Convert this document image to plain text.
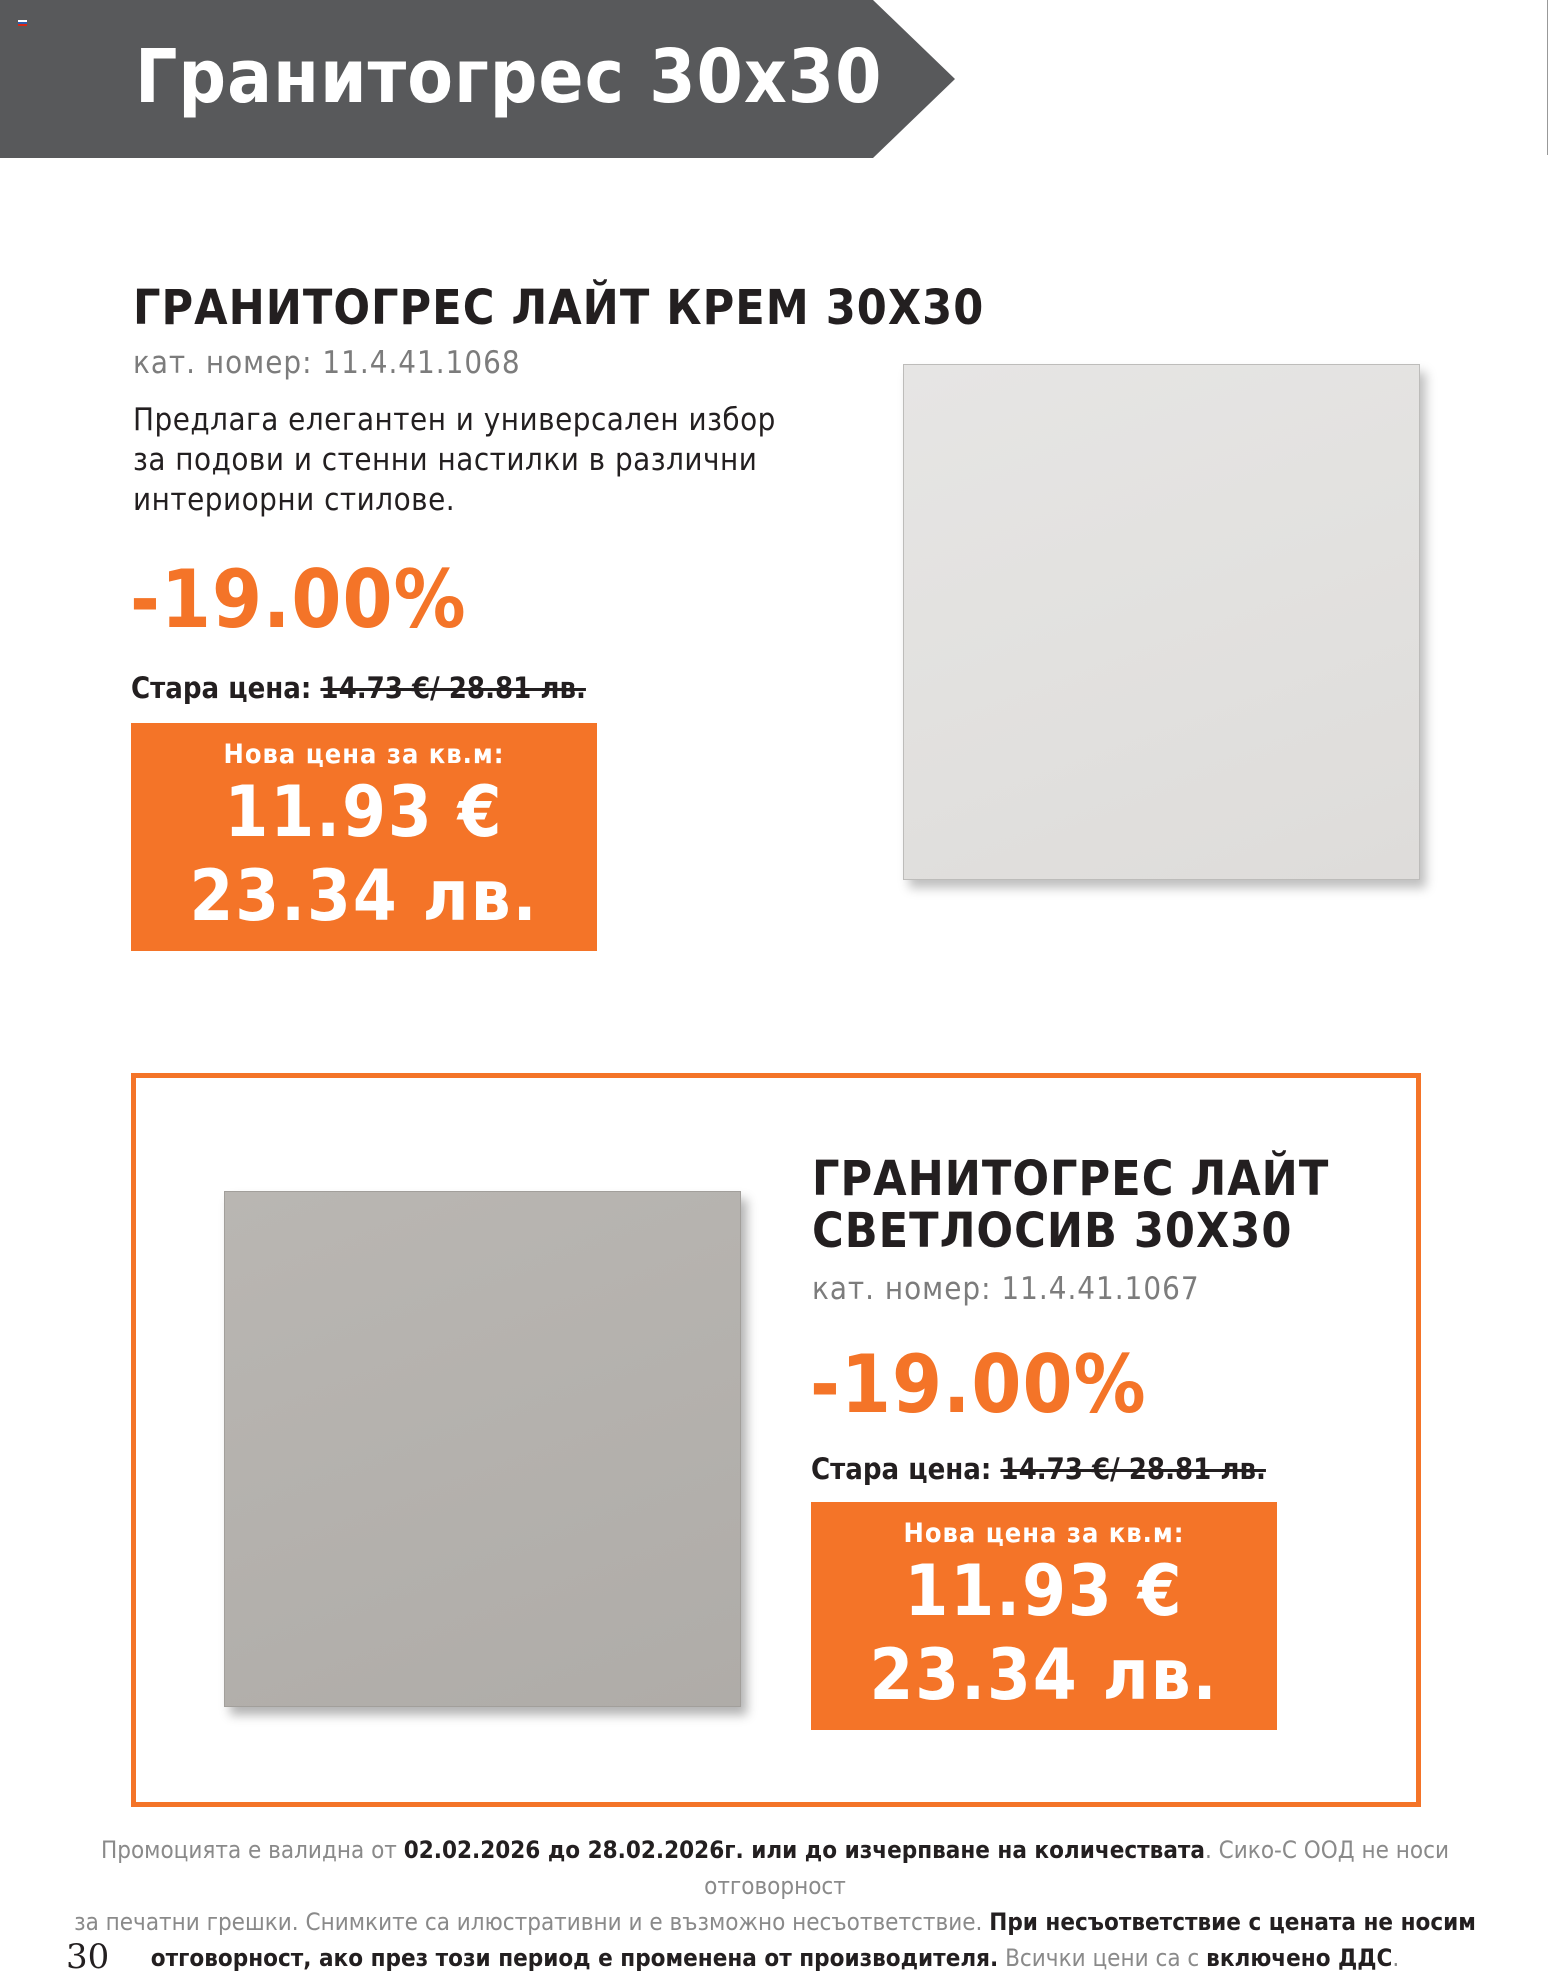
Гранитогрес 30x30
ГРАНИТОГРЕС ЛАЙТ КРЕМ 30Х30
кат. номер: 11.4.41.1068
Предлага елегантен и универсален избор
за подови и стенни настилки в различни
интериорни стилове.
-19.00%
Стара цена: 14.73 €/ 28.81 лв.
Нова цена за кв.м:
11.93 €
23.34 лв.
ГРАНИТОГРЕС ЛАЙТ
СВЕТЛОСИВ 30Х30
кат. номер: 11.4.41.1067
-19.00%
Стара цена: 14.73 €/ 28.81 лв.
Нова цена за кв.м:
11.93 €
23.34 лв.
Промоцията е валидна от 02.02.2026 до 28.02.2026г. или до изчерпване на количествата. Сико-С ООД не носи отговорност
за печатни грешки. Снимките са илюстративни и е възможно несъответствие. При несъответствие с цената не носим
отговорност, ако през този период е променена от производителя. Всички цени са с включено ДДС.
30
